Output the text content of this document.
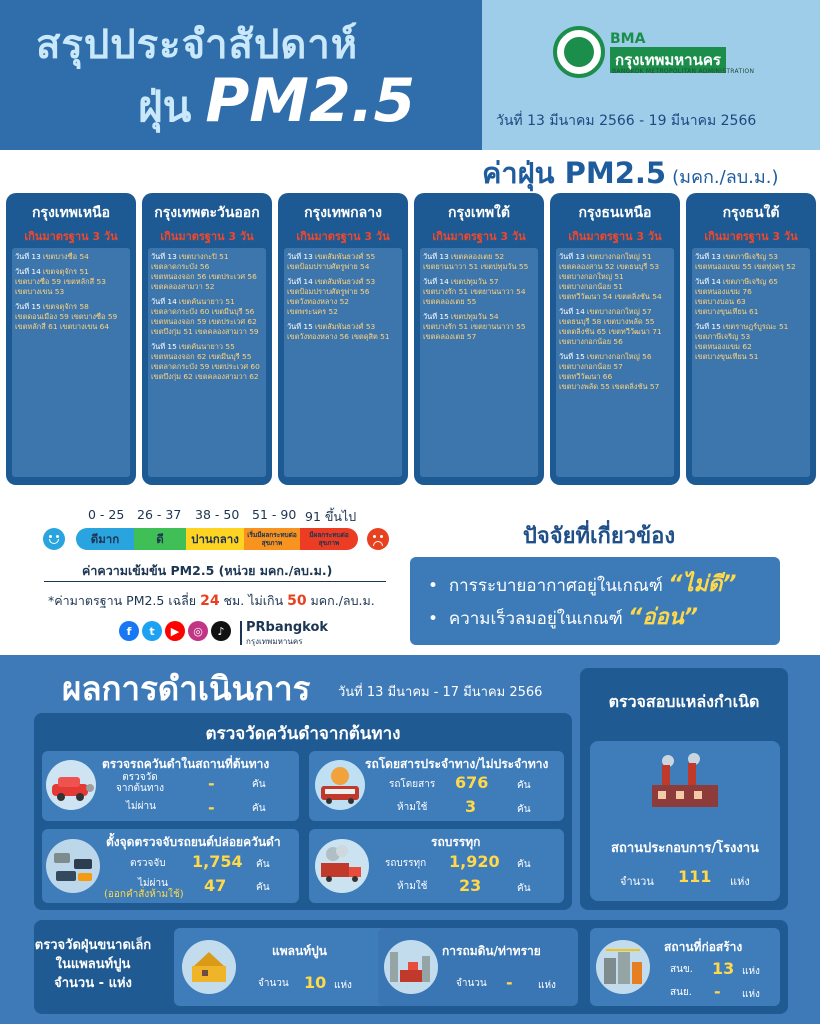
สรุปประจำสัปดาห์
ฝุ่น PM2.5
BMA
กรุงเทพมหานคร
BANGKOK METROPOLITAN ADMINISTRATION
วันที่ 13 มีนาคม 2566 - 19 มีนาคม 2566
ค่าฝุ่น PM2.5 (มคก./ลบ.ม.)
กรุงเทพเหนือ
เกินมาตรฐาน 3 วัน
วันที่ 13 เขตบางซื่อ 54
วันที่ 14 เขตจตุจักร 51
เขตบางซื่อ 59 เขตหลักสี่ 53
เขตบางเขน 53
วันที่ 15 เขตจตุจักร 58
เขตดอนเมือง 59 เขตบางซื่อ 59
เขตหลักสี่ 61 เขตบางเขน 64
กรุงเทพตะวันออก
เกินมาตรฐาน 3 วัน
วันที่ 13 เขตบางกะปิ 51
เขตลาดกระบัง 56
เขตหนองจอก 56 เขตประเวศ 56
เขตคลองสามวา 52
วันที่ 14 เขตคันนายาว 51
เขตลาดกระบัง 60 เขตมีนบุรี 56
เขตหนองจอก 59 เขตประเวศ 62
เขตบึงกุ่ม 51 เขตคลองสามวา 59
วันที่ 15 เขตคันนายาว 55
เขตหนองจอก 62 เขตมีนบุรี 55
เขตลาดกระบัง 59 เขตประเวศ 60
เขตบึงกุ่ม 62 เขตคลองสามวา 62
กรุงเทพกลาง
เกินมาตรฐาน 3 วัน
วันที่ 13 เขตสัมพันธวงศ์ 55
เขตป้อมปราบศัตรูพ่าย 54
วันที่ 14 เขตสัมพันธวงศ์ 53
เขตป้อมปราบศัตรูพ่าย 56
เขตวังทองหลาง 52
เขตพระนคร 52
วันที่ 15 เขตสัมพันธวงศ์ 53
เขตวังทองหลาง 56 เขตดุสิต 51
กรุงเทพใต้
เกินมาตรฐาน 3 วัน
วันที่ 13 เขตคลองเตย 52
เขตยานนาวา 51 เขตปทุมวัน 55
วันที่ 14 เขตปทุมวัน 57
เขตบางรัก 51 เขตยานนาวา 54
เขตคลองเตย 55
วันที่ 15 เขตปทุมวัน 54
เขตบางรัก 51 เขตยานนาวา 55
เขตคลองเตย 57
กรุงธนเหนือ
เกินมาตรฐาน 3 วัน
วันที่ 13 เขตบางกอกใหญ่ 51
เขตคลองสาน 52 เขตธนบุรี 53
เขตบางกอกใหญ่ 51
เขตบางกอกน้อย 51
เขตทวีวัฒนา 54 เขตตลิ่งชัน 54
วันที่ 14 เขตบางกอกใหญ่ 57
เขตธนบุรี 58 เขตบางพลัด 55
เขตตลิ่งชัน 65 เขตทวีวัฒนา 71
เขตบางกอกน้อย 56
วันที่ 15 เขตบางกอกใหญ่ 56
เขตบางกอกน้อย 57
เขตทวีวัฒนา 66
เขตบางพลัด 55 เขตตลิ่งชัน 57
กรุงธนใต้
เกินมาตรฐาน 3 วัน
วันที่ 13 เขตภาษีเจริญ 53
เขตหนองแขม 55 เขตทุ่งครุ 52
วันที่ 14 เขตภาษีเจริญ 65
เขตหนองแขม 76
เขตบางบอน 63
เขตบางขุนเทียน 61
วันที่ 15 เขตราษฎร์บูรณะ 51
เขตภาษีเจริญ 53
เขตหนองแขม 62
เขตบางขุนเทียน 51
0 - 25 26 - 37 38 - 50 51 - 90 91 ขึ้นไป
ดีมาก	ดี	ปานกลาง	เริ่มมีผลกระทบต่อสุขภาพ
มีผลกระทบต่อสุขภาพ
ค่าความเข้มข้น PM2.5 (หน่วย มคก./ลบ.ม.)
*ค่ามาตรฐาน PM2.5 เฉลี่ย 24 ชม. ไม่เกิน 50 มคก./ลบ.ม.
f	t	▶	◎	♪	PRbangkok
กรุงเทพมหานคร
ปัจจัยที่เกี่ยวข้อง
•  การระบายอากาศอยู่ในเกณฑ์ “ไม่ดี”
•  ความเร็วลมอยู่ในเกณฑ์ “อ่อน”
ผลการดำเนินการ วันที่ 13 มีนาคม - 17 มีนาคม 2566
ตรวจวัดควันดำจากต้นทาง
ตรวจรถควันดำในสถานที่ต้นทาง
ตรวจวัด
จากต้นทาง	-	คัน
ไม่ผ่าน	-	คัน
รถโดยสารประจำทาง/ไม่ประจำทาง
รถโดยสาร 676	คัน
ห้ามใช้ 3	คัน
ตั้งจุดตรวจจับรถยนต์ปล่อยควันดำ
ตรวจจับ 1,754 คัน
ไม่ผ่าน
(ออกคำสั่งห้ามใช้) 47	คัน
รถบรรทุก
รถบรรทุก 1,920 คัน
ห้ามใช้ 23	คัน
ตรวจสอบแหล่งกำเนิด
สถานประกอบการ/โรงงาน
จำนวน 111 แห่ง
ตรวจวัดฝุ่นขนาดเล็ก
ในแพลนท์ปูน
จำนวน - แห่ง
แพลนท์ปูน
จำนวน 10 แห่ง
การถมดิน/ท่าทราย
จำนวน -	แห่ง
สถานที่ก่อสร้าง
สนข. 13 แห่ง
สนย. - แห่ง
